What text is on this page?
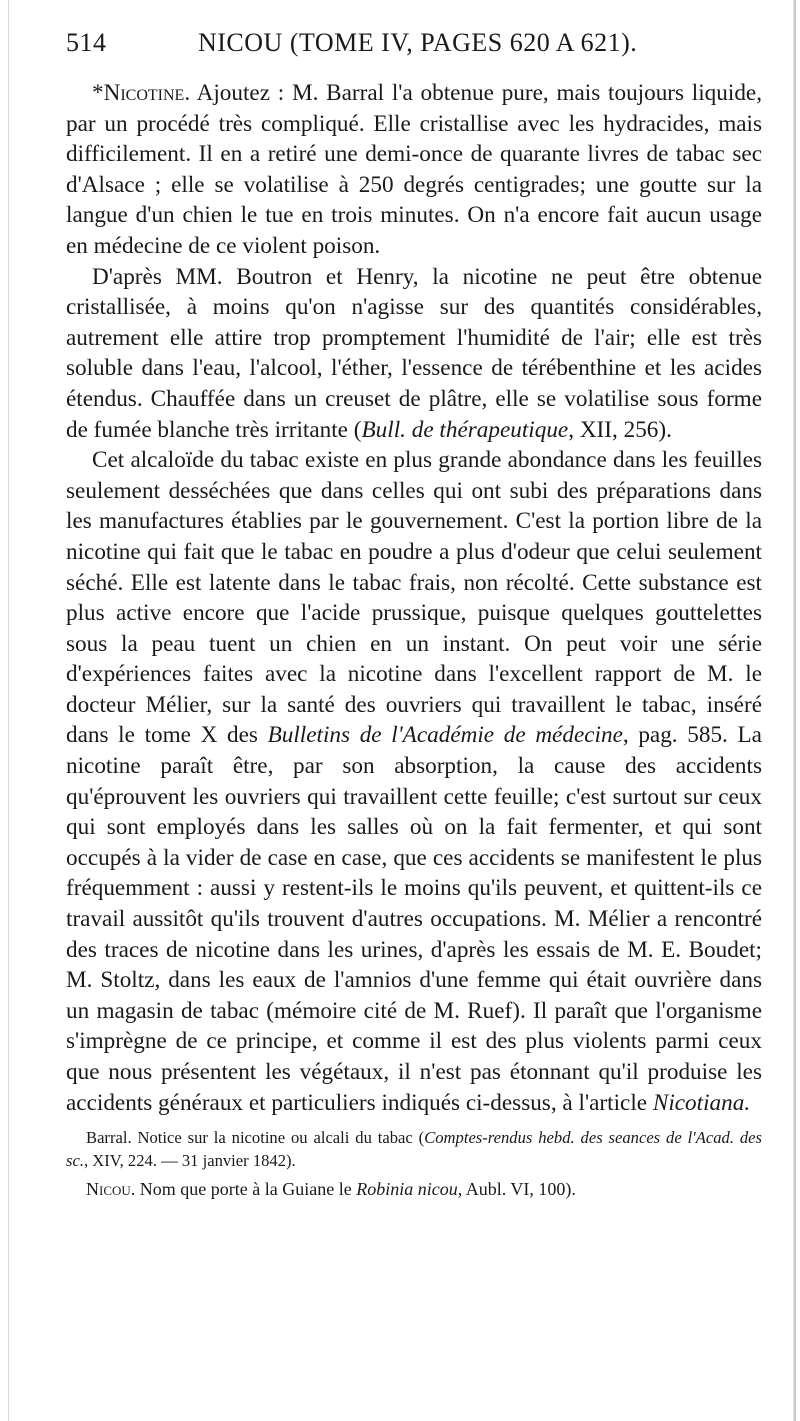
514	NICOU (TOME IV, PAGES 620 A 621).

*Nicotine. Ajoutez : M. Barral l'a obtenue pure, mais toujours liquide, par un procédé très compliqué. Elle cristallise avec les hydracides, mais difficilement. Il en a retiré une demi-once de quarante livres de tabac sec d'Alsace ; elle se volatilise à 250 degrés centigrades; une goutte sur la langue d'un chien le tue en trois minutes. On n'a encore fait aucun usage en médecine de ce violent poison.

D'après MM. Boutron et Henry, la nicotine ne peut être obtenue cristallisée, à moins qu'on n'agisse sur des quantités considérables, autrement elle attire trop promptement l'humidité de l'air; elle est très soluble dans l'eau, l'alcool, l'éther, l'essence de térébenthine et les acides étendus. Chauffée dans un creuset de plâtre, elle se volatilise sous forme de fumée blanche très irritante (Bull. de thérapeutique, XII, 256).

Cet alcaloïde du tabac existe en plus grande abondance dans les feuilles seulement desséchées que dans celles qui ont subi des préparations dans les manufactures établies par le gouvernement. C'est la portion libre de la nicotine qui fait que le tabac en poudre a plus d'odeur que celui seulement séché. Elle est latente dans le tabac frais, non récolté. Cette substance est plus active encore que l'acide prussique, puisque quelques gouttelettes sous la peau tuent un chien en un instant. On peut voir une série d'expériences faites avec la nicotine dans l'excellent rapport de M. le docteur Mélier, sur la santé des ouvriers qui travaillent le tabac, inséré dans le tome X des Bulletins de l'Académie de médecine, pag. 585. La nicotine paraît être, par son absorption, la cause des accidents qu'éprouvent les ouvriers qui travaillent cette feuille; c'est surtout sur ceux qui sont employés dans les salles où on la fait fermenter, et qui sont occupés à la vider de case en case, que ces accidents se manifestent le plus fréquemment : aussi y restent-ils le moins qu'ils peuvent, et quittent-ils ce travail aussitôt qu'ils trouvent d'autres occupations. M. Mélier a rencontré des traces de nicotine dans les urines, d'après les essais de M. E. Boudet; M. Stoltz, dans les eaux de l'amnios d'une femme qui était ouvrière dans un magasin de tabac (mémoire cité de M. Ruef). Il paraît que l'organisme s'imprègne de ce principe, et comme il est des plus violents parmi ceux que nous présentent les végétaux, il n'est pas étonnant qu'il produise les accidents généraux et particuliers indiqués ci-dessus, à l'article Nicotiana.

Barral. Notice sur la nicotine ou alcali du tabac (Comptes-rendus hebd. des seances de l'Acad. des sc., XIV, 224. — 31 janvier 1842).

Nicou. Nom que porte à la Guiane le Robinia nicou, Aubl. VI, 100).
